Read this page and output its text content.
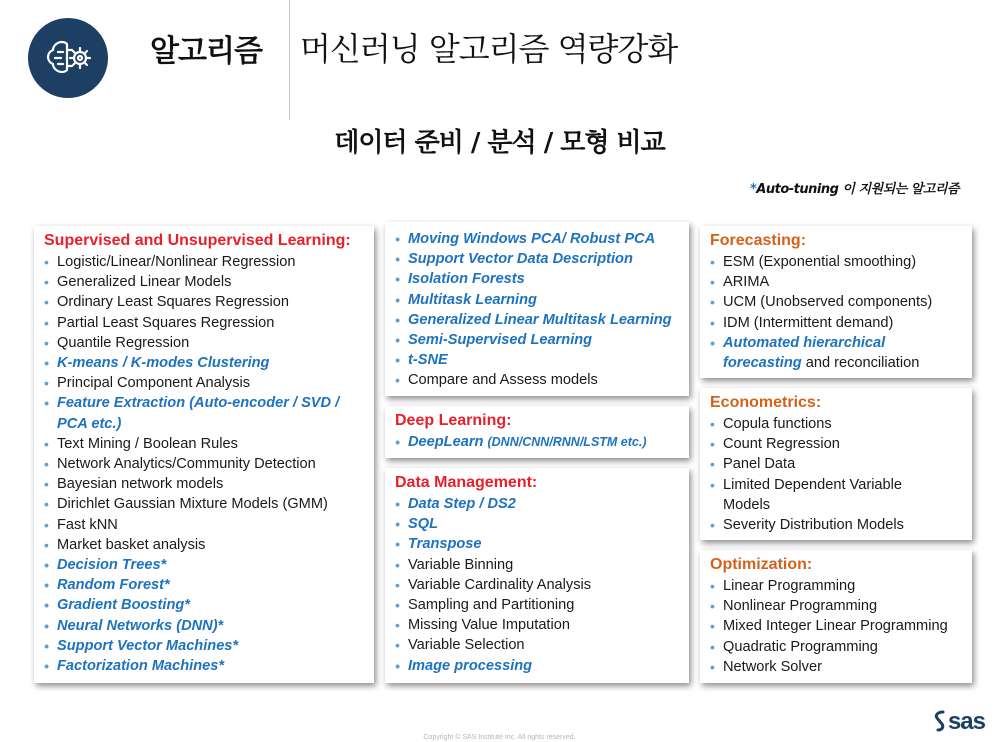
알고리즘 머신러닝 알고리즘 역량강화
데이터 준비 / 분석 / 모형 비교
*Auto-tuning 이 지원되는 알고리즘
Supervised and Unsupervised Learning:
• Logistic/Linear/Nonlinear Regression
• Generalized Linear Models
• Ordinary Least Squares Regression
• Partial Least Squares Regression
• Quantile Regression
• K-means / K-modes Clustering
• Principal Component Analysis
• Feature Extraction (Auto-encoder / SVD /
PCA etc.)
• Text Mining / Boolean Rules
• Network Analytics/Community Detection
• Bayesian network models
• Dirichlet Gaussian Mixture Models (GMM)
• Fast kNN
• Market basket analysis
• Decision Trees*
• Random Forest*
• Gradient Boosting*
• Neural Networks (DNN)*
• Support Vector Machines*
• Factorization Machines*
• Moving Windows PCA/ Robust PCA
• Support Vector Data Description
• Isolation Forests
• Multitask Learning
• Generalized Linear Multitask Learning
• Semi-Supervised Learning
• t-SNE
• Compare and Assess models
Deep Learning:
• DeepLearn (DNN/CNN/RNN/LSTM etc.)
Data Management:
• Data Step / DS2
• SQL
• Transpose
• Variable Binning
• Variable Cardinality Analysis
• Sampling and Partitioning
• Missing Value Imputation
• Variable Selection
• Image processing
Forecasting:
• ESM (Exponential smoothing)
• ARIMA
• UCM (Unobserved components)
• IDM (Intermittent demand)
• Automated hierarchical
forecasting and reconciliation
Econometrics:
• Copula functions
• Count Regression
• Panel Data
• Limited Dependent Variable
Models
• Severity Distribution Models
Optimization:
• Linear Programming
• Nonlinear Programming
• Mixed Integer Linear Programming
• Quadratic Programming
• Network Solver
Copyright © SAS Institute Inc. All rights reserved.
sas
